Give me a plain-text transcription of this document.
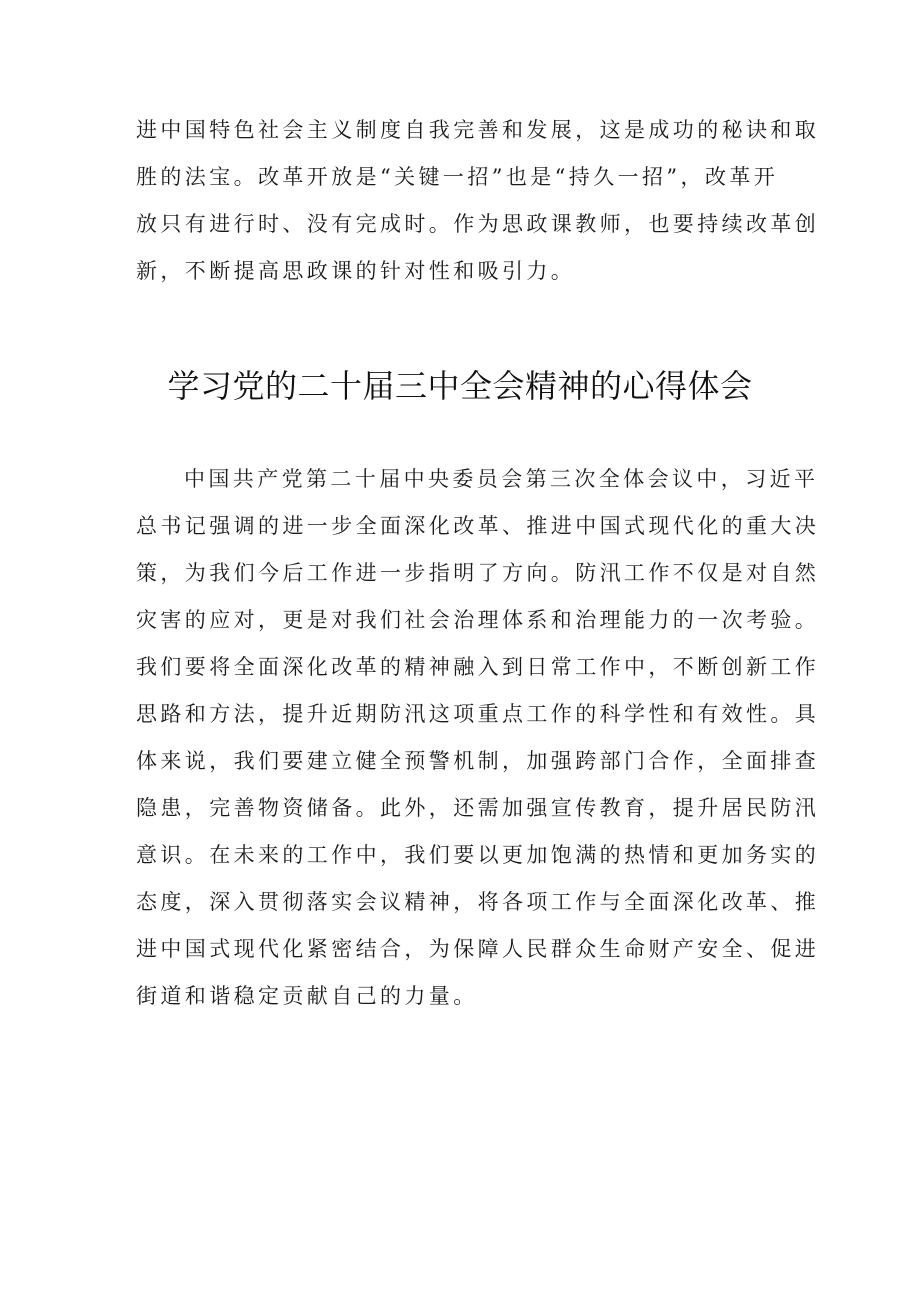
进中国特色社会主义制度自我完善和发展，这是成功的秘诀和取
胜的法宝。改革开放是“关键一招”也是“持久一招”，改革开
放只有进行时、没有完成时。作为思政课教师，也要持续改革创
新，不断提高思政课的针对性和吸引力。

学习党的二十届三中全会精神的心得体会

中国共产党第二十届中央委员会第三次全体会议中，习近平
总书记强调的进一步全面深化改革、推进中国式现代化的重大决
策，为我们今后工作进一步指明了方向。防汛工作不仅是对自然
灾害的应对，更是对我们社会治理体系和治理能力的一次考验。
我们要将全面深化改革的精神融入到日常工作中，不断创新工作
思路和方法，提升近期防汛这项重点工作的科学性和有效性。具
体来说，我们要建立健全预警机制，加强跨部门合作，全面排查
隐患，完善物资储备。此外，还需加强宣传教育，提升居民防汛
意识。在未来的工作中，我们要以更加饱满的热情和更加务实的
态度，深入贯彻落实会议精神，将各项工作与全面深化改革、推
进中国式现代化紧密结合，为保障人民群众生命财产安全、促进
街道和谐稳定贡献自己的力量。
